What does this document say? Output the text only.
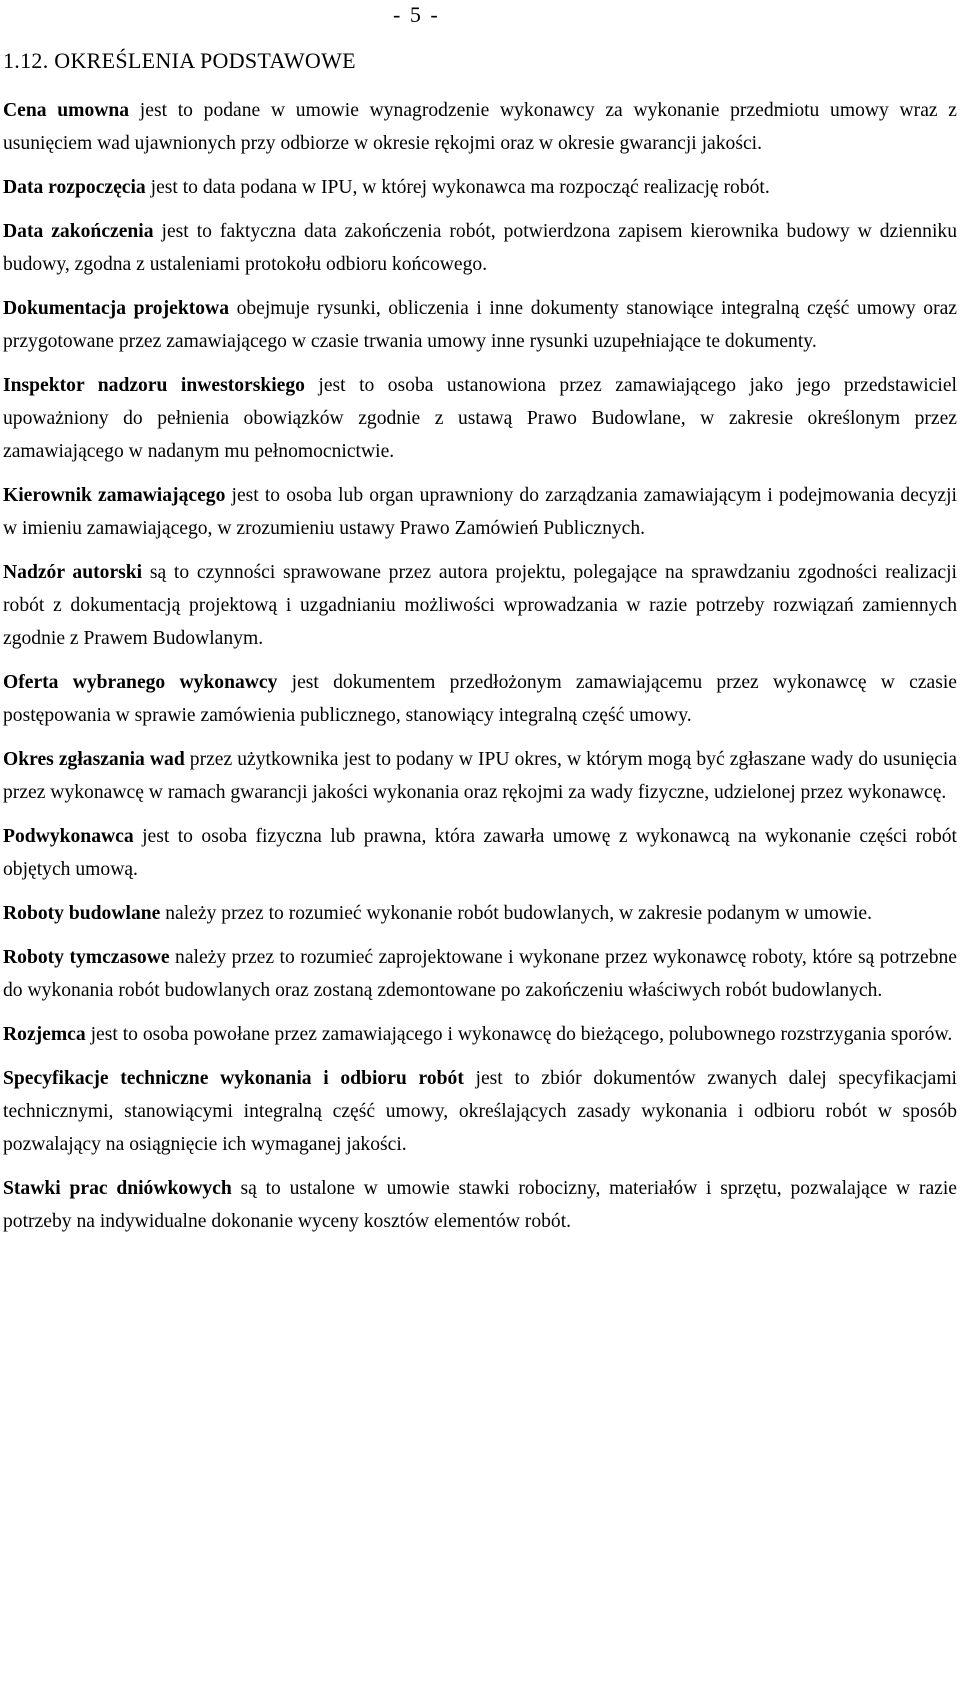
- 5 -
1.12. OKREŚLENIA PODSTAWOWE

Cena umowna jest to podane w umowie wynagrodzenie wykonawcy za wykonanie przedmiotu umowy wraz z usunięciem wad ujawnionych przy odbiorze w okresie rękojmi oraz w okresie gwarancji jakości.

Data rozpoczęcia jest to data podana w IPU, w której wykonawca ma rozpocząć realizację robót.

Data zakończenia jest to faktyczna data zakończenia robót, potwierdzona zapisem kierownika budowy w dzienniku budowy, zgodna z ustaleniami protokołu odbioru końcowego.

Dokumentacja projektowa obejmuje rysunki, obliczenia i inne dokumenty stanowiące integralną część umowy oraz przygotowane przez zamawiającego w czasie trwania umowy inne rysunki uzupełniające te dokumenty.

Inspektor nadzoru inwestorskiego jest to osoba ustanowiona przez zamawiającego jako jego przedstawiciel upoważniony do pełnienia obowiązków zgodnie z ustawą Prawo Budowlane, w zakresie określonym przez zamawiającego w nadanym mu pełnomocnictwie.

Kierownik zamawiającego jest to osoba lub organ uprawniony do zarządzania zamawiającym i podejmowania decyzji w imieniu zamawiającego, w zrozumieniu ustawy Prawo Zamówień Publicznych.

Nadzór autorski są to czynności sprawowane przez autora projektu, polegające na sprawdzaniu zgodności realizacji robót z dokumentacją projektową i uzgadnianiu możliwości wprowadzania w razie potrzeby rozwiązań zamiennych zgodnie z Prawem Budowlanym.

Oferta wybranego wykonawcy jest dokumentem przedłożonym zamawiającemu przez wykonawcę w czasie postępowania w sprawie zamówienia publicznego, stanowiący integralną część umowy.

Okres zgłaszania wad przez użytkownika jest to podany w IPU okres, w którym mogą być zgłaszane wady do usunięcia przez wykonawcę w ramach gwarancji jakości wykonania oraz rękojmi za wady fizyczne, udzielonej przez wykonawcę.

Podwykonawca jest to osoba fizyczna lub prawna, która zawarła umowę z wykonawcą na wykonanie części robót objętych umową.

Roboty budowlane należy przez to rozumieć wykonanie robót budowlanych, w zakresie podanym w umowie.

Roboty tymczasowe należy przez to rozumieć zaprojektowane i wykonane przez wykonawcę roboty, które są potrzebne do wykonania robót budowlanych oraz zostaną zdemontowane po zakończeniu właściwych robót budowlanych.

Rozjemca jest to osoba powołane przez zamawiającego i wykonawcę do bieżącego, polubownego rozstrzygania sporów.

Specyfikacje techniczne wykonania i odbioru robót jest to zbiór dokumentów zwanych dalej specyfikacjami technicznymi, stanowiącymi integralną część umowy, określających zasady wykonania i odbioru robót w sposób pozwalający na osiągnięcie ich wymaganej jakości.

Stawki prac dniówkowych są to ustalone w umowie stawki robocizny, materiałów i sprzętu, pozwalające w razie potrzeby na indywidualne dokonanie wyceny kosztów elementów robót.
